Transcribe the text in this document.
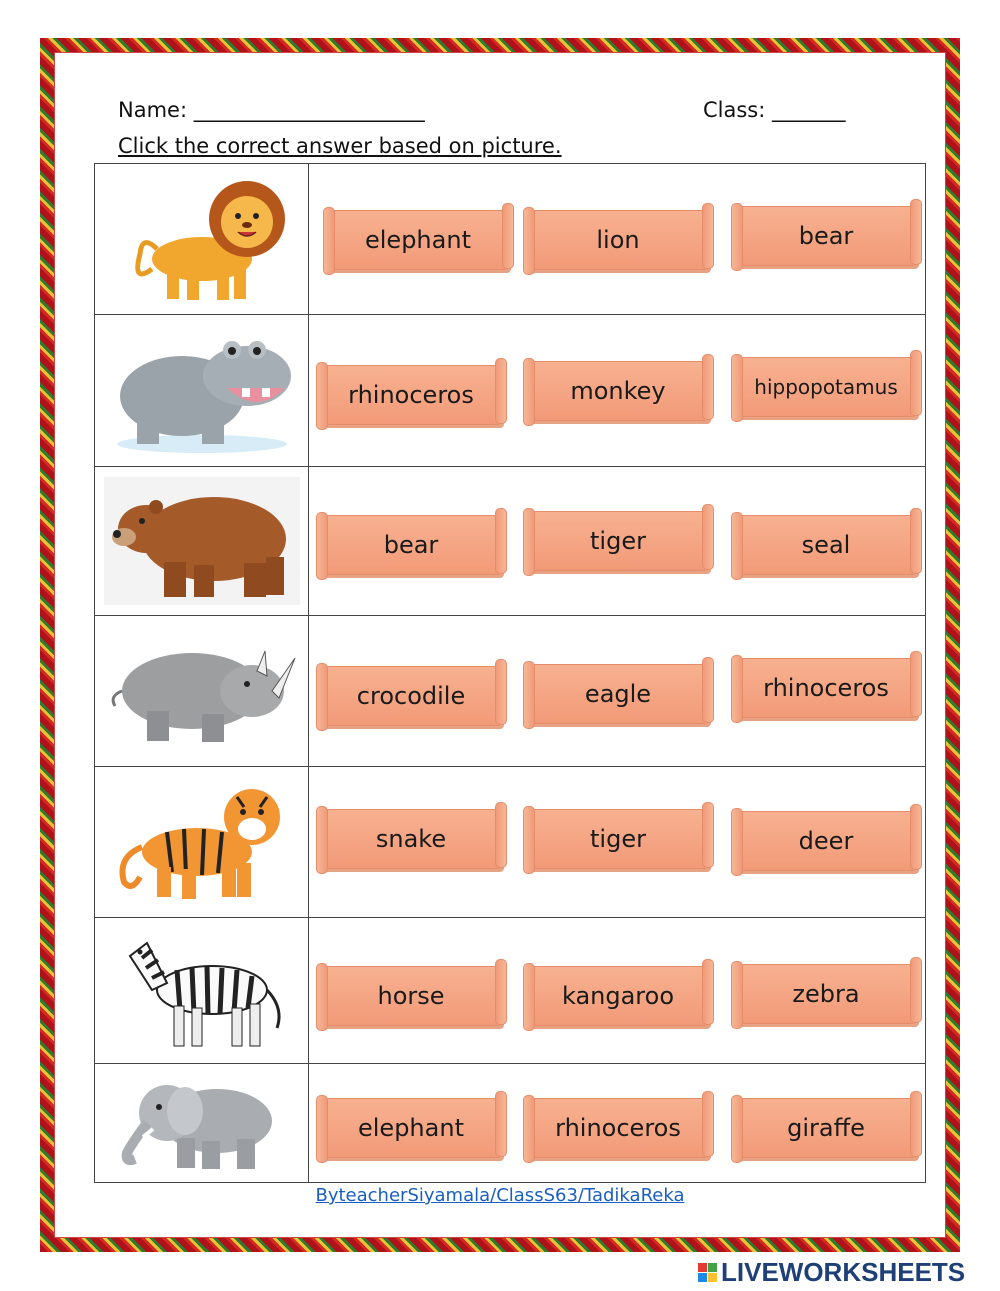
Name: ______________________	Class: _______
Click the correct answer based on picture.
elephant	lion	bear
rhinoceros	monkey	hippopotamus
bear	tiger	seal
crocodile	eagle	rhinoceros
snake	tiger	deer
horse	kangaroo	zebra
elephant	rhinoceros	giraffe
ByteacherSiyamala/ClassS63/TadikaReka
LIVEWORKSHEETS
